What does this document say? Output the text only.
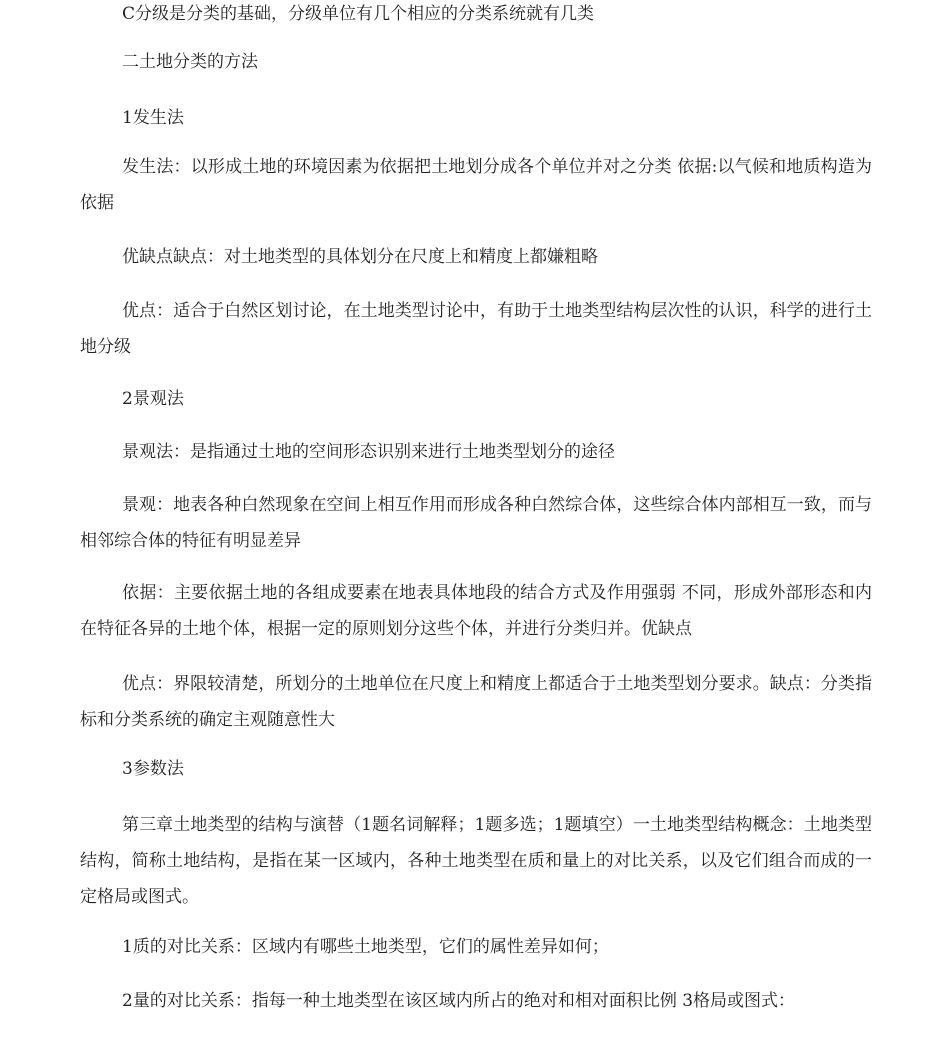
C分级是分类的基础，分级单位有几个相应的分类系统就有几类

二土地分类的方法

1发生法

发生法：以形成土地的环境因素为依据把土地划分成各个单位并对之分类 依据:以气候和地质构造为依据

优缺点缺点：对土地类型的具体划分在尺度上和精度上都嫌粗略

优点：适合于白然区划讨论，在土地类型讨论中，有助于土地类型结构层次性的认识，科学的进行土地分级

2景观法

景观法：是指通过土地的空间形态识别来进行土地类型划分的途径

景观：地表各种白然现象在空间上相互作用而形成各种白然综合体，这些综合体内部相互一致，而与相邻综合体的特征有明显差异

依据：主要依据土地的各组成要素在地表具体地段的结合方式及作用强弱 不同，形成外部形态和内在特征各异的土地个体，根据一定的原则划分这些个体，并进行分类归并。优缺点

优点：界限较清楚，所划分的土地单位在尺度上和精度上都适合于土地类型划分要求。缺点：分类指标和分类系统的确定主观随意性大

3参数法

第三章土地类型的结构与演替（1题名词解释；1题多选；1题填空）一土地类型结构概念：土地类型结构，简称土地结构，是指在某一区域内，各种土地类型在质和量上的对比关系，以及它们组合而成的一定格局或图式。

1质的对比关系：区域内有哪些土地类型，它们的属性差异如何；

2量的对比关系：指每一种土地类型在该区域内所占的绝对和相对面积比例 3格局或图式：
